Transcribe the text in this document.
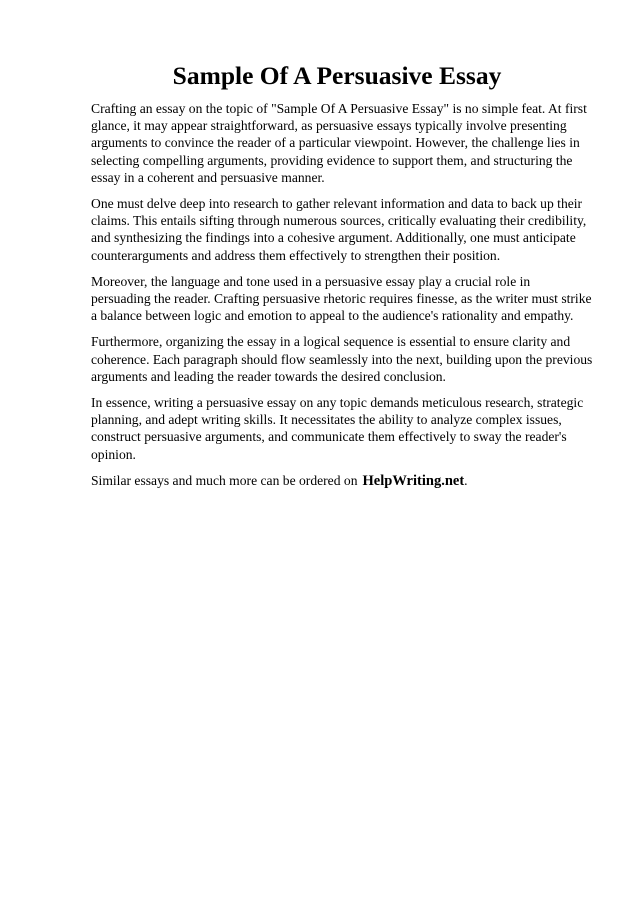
Sample Of A Persuasive Essay

Crafting an essay on the topic of "Sample Of A Persuasive Essay" is no simple feat. At first glance, it may appear straightforward, as persuasive essays typically involve presenting arguments to convince the reader of a particular viewpoint. However, the challenge lies in selecting compelling arguments, providing evidence to support them, and structuring the essay in a coherent and persuasive manner.

One must delve deep into research to gather relevant information and data to back up their claims. This entails sifting through numerous sources, critically evaluating their credibility, and synthesizing the findings into a cohesive argument. Additionally, one must anticipate counterarguments and address them effectively to strengthen their position.

Moreover, the language and tone used in a persuasive essay play a crucial role in persuading the reader. Crafting persuasive rhetoric requires finesse, as the writer must strike a balance between logic and emotion to appeal to the audience's rationality and empathy.

Furthermore, organizing the essay in a logical sequence is essential to ensure clarity and coherence. Each paragraph should flow seamlessly into the next, building upon the previous arguments and leading the reader towards the desired conclusion.

In essence, writing a persuasive essay on any topic demands meticulous research, strategic planning, and adept writing skills. It necessitates the ability to analyze complex issues, construct persuasive arguments, and communicate them effectively to sway the reader's opinion.

Similar essays and much more can be ordered on HelpWriting.net.
